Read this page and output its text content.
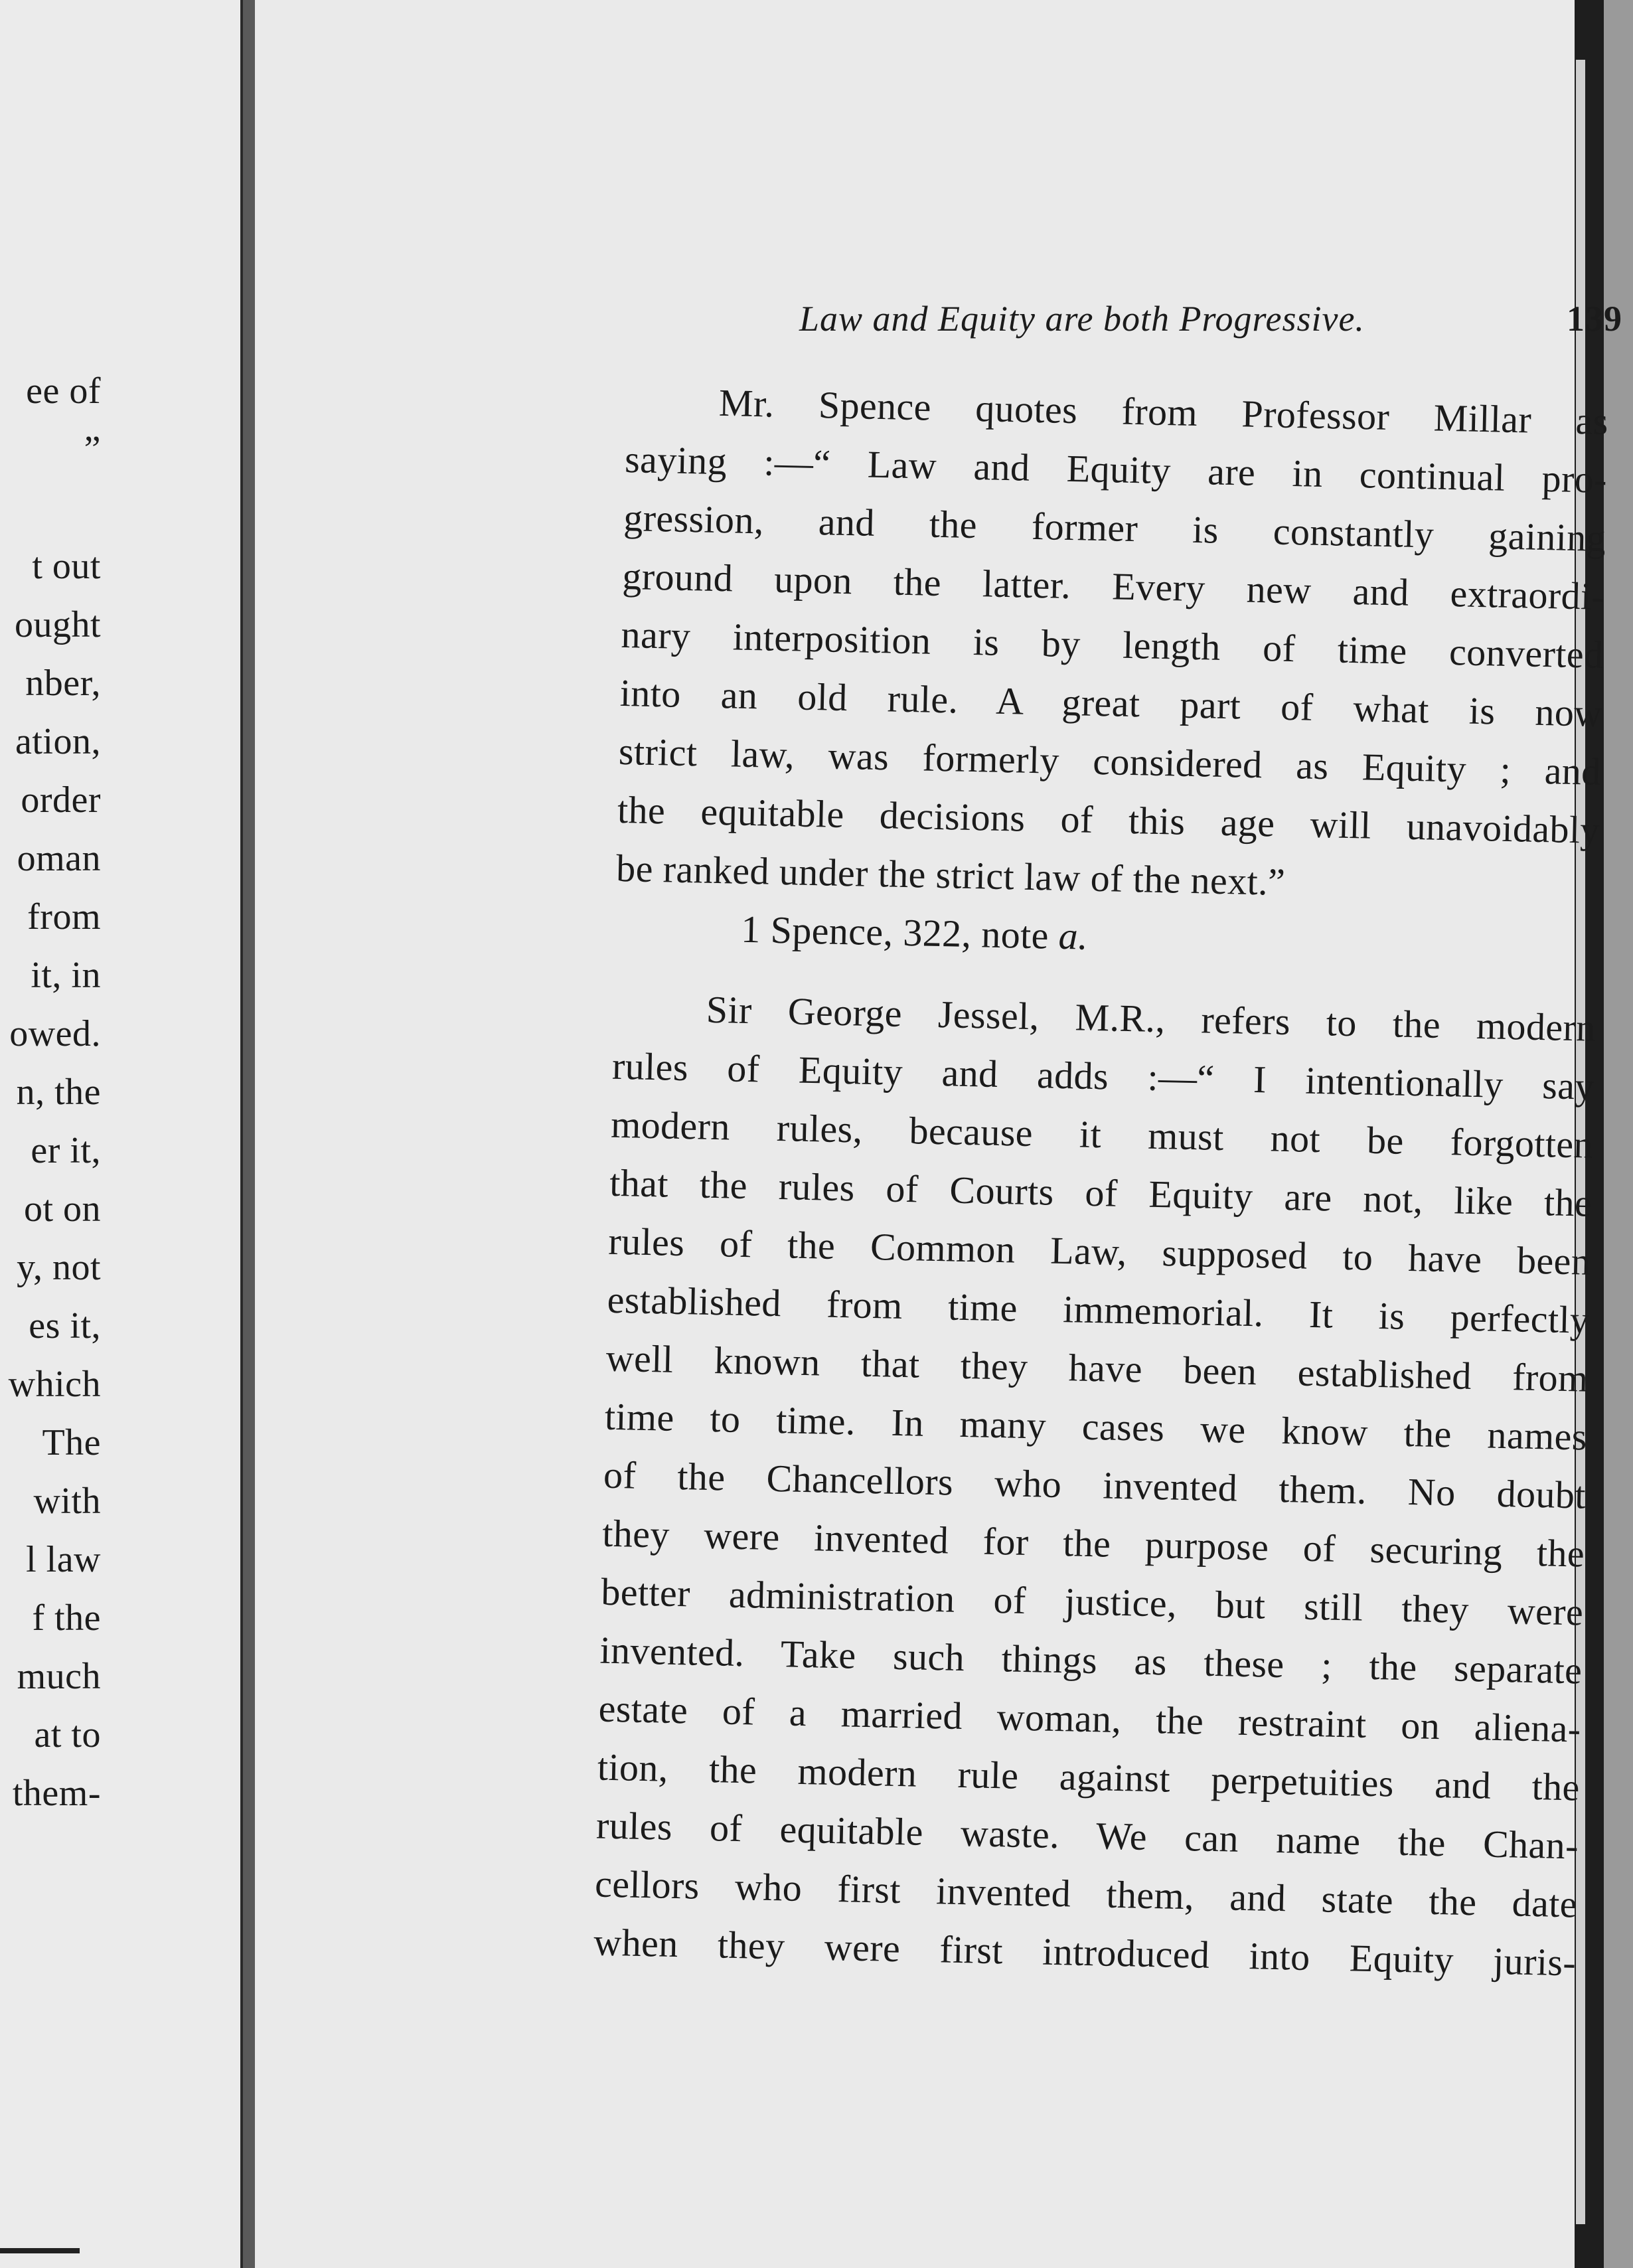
ee of
”
t out
ought
nber,
ation,
order
oman
from
it, in
owed.
n, the
er it,
ot on
y, not
es it,
which
The
with
l law
f the
much
at to
them-
Law and Equity are both Progressive.	139
Mr. Spence quotes from Professor Millar as
saying :—“ Law and Equity are in continual pro-
gression, and the former is constantly gaining
ground upon the latter. Every new and extraordi-
nary interposition is by length of time converted
into an old rule. A great part of what is now
strict law, was formerly considered as Equity ; and
the equitable decisions of this age will unavoidably
be ranked under the strict law of the next.”
1 Spence, 322, note a.
Sir George Jessel, M.R., refers to the modern
rules of Equity and adds :—“ I intentionally say
modern rules, because it must not be forgotten
that the rules of Courts of Equity are not, like the
rules of the Common Law, supposed to have been
established from time immemorial. It is perfectly
well known that they have been established from
time to time. In many cases we know the names
of the Chancellors who invented them. No doubt
they were invented for the purpose of securing the
better administration of justice, but still they were
invented. Take such things as these ; the separate
estate of a married woman, the restraint on aliena-
tion, the modern rule against perpetuities and the
rules of equitable waste. We can name the Chan-
cellors who first invented them, and state the date
when they were first introduced into Equity juris-
